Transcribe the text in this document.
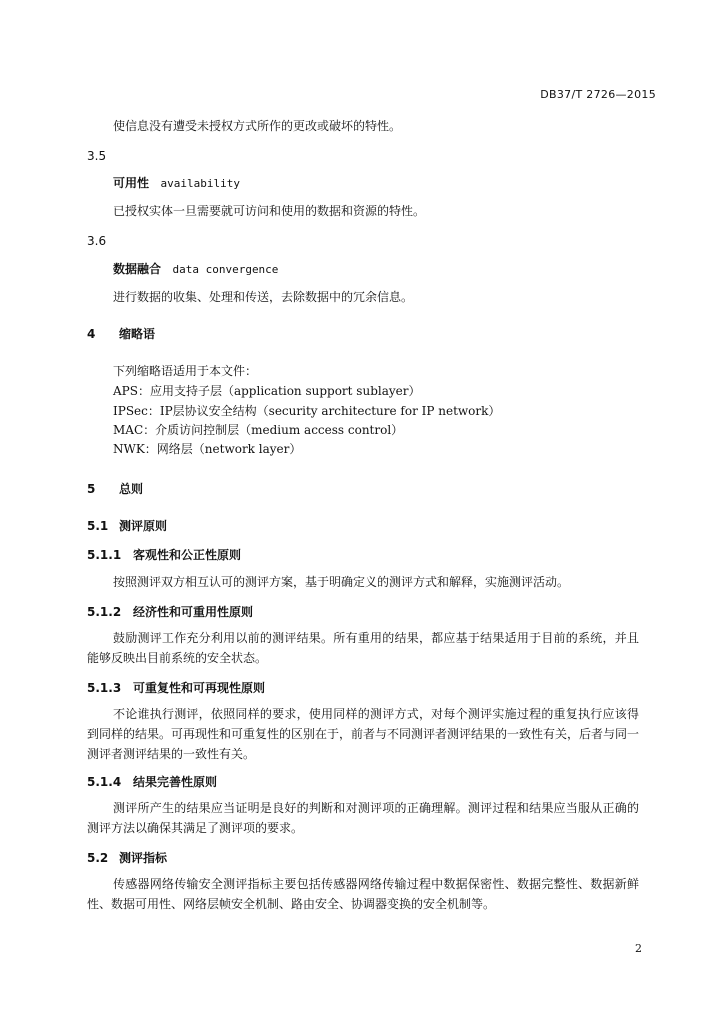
DB37/T 2726—2015
使信息没有遭受未授权方式所作的更改或破坏的特性。
3.5
可用性 availability
已授权实体一旦需要就可访问和使用的数据和资源的特性。
3.6
数据融合 data convergence
进行数据的收集、处理和传送，去除数据中的冗余信息。
4 缩略语
下列缩略语适用于本文件：
APS：应用支持子层（application support sublayer）
IPSec：IP层协议安全结构（security architecture for IP network）
MAC：介质访问控制层（medium access control）
NWK：网络层（network layer）
5 总则
5.1 测评原则
5.1.1 客观性和公正性原则
按照测评双方相互认可的测评方案，基于明确定义的测评方式和解释，实施测评活动。
5.1.2 经济性和可重用性原则
鼓励测评工作充分利用以前的测评结果。所有重用的结果，都应基于结果适用于目前的系统，并且能够反映出目前系统的安全状态。
5.1.3 可重复性和可再现性原则
不论谁执行测评，依照同样的要求，使用同样的测评方式，对每个测评实施过程的重复执行应该得到同样的结果。可再现性和可重复性的区别在于，前者与不同测评者测评结果的一致性有关，后者与同一测评者测评结果的一致性有关。
5.1.4 结果完善性原则
测评所产生的结果应当证明是良好的判断和对测评项的正确理解。测评过程和结果应当服从正确的测评方法以确保其满足了测评项的要求。
5.2 测评指标
传感器网络传输安全测评指标主要包括传感器网络传输过程中数据保密性、数据完整性、数据新鲜性、数据可用性、网络层帧安全机制、路由安全、协调器变换的安全机制等。
2
